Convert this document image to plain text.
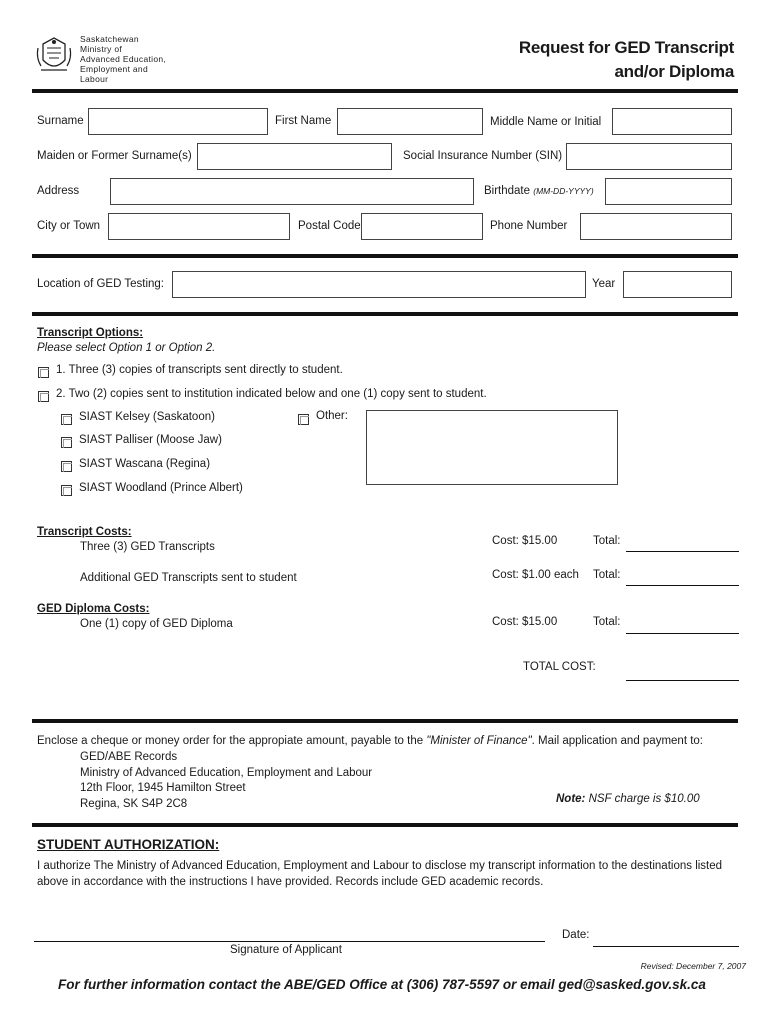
Saskatchewan
Ministry of
Advanced Education,
Employment and
Labour
Request for GED Transcript
and/or Diploma
Surname	First Name	Middle Name or Initial
Maiden or Former Surname(s)	Social Insurance Number (SIN)
Address	Birthdate (MM-DD-YYYY)
City or Town	Postal Code	Phone Number
Location of GED Testing:	Year
Transcript Options:
Please select Option 1 or Option 2.
1. Three (3) copies of transcripts sent directly to student.
2. Two (2) copies sent to institution indicated below and one (1) copy sent to student.
SIAST Kelsey (Saskatoon)	Other:
SIAST Palliser (Moose Jaw)
SIAST Wascana (Regina)
SIAST Woodland (Prince Albert)
Transcript Costs:
Three (3) GED Transcripts	Cost: $15.00	Total:
Additional GED Transcripts sent to student	Cost: $1.00 each Total:
GED Diploma Costs:
One (1) copy of GED Diploma	Cost: $15.00	Total:
TOTAL COST:
Enclose a cheque or money order for the appropiate amount, payable to the "Minister of Finance". Mail application and payment to:
GED/ABE Records
Ministry of Advanced Education, Employment and Labour
12th Floor, 1945 Hamilton Street
Regina, SK S4P 2C8	Note: NSF charge is $10.00
STUDENT AUTHORIZATION:
I authorize The Ministry of Advanced Education, Employment and Labour to disclose my transcript information to the destinations listed above in accordance with the instructions I have provided. Records include GED academic records.
Signature of Applicant
Date:
Revised: December 7, 2007
For further information contact the ABE/GED Office at (306) 787-5597 or email ged@sasked.gov.sk.ca
